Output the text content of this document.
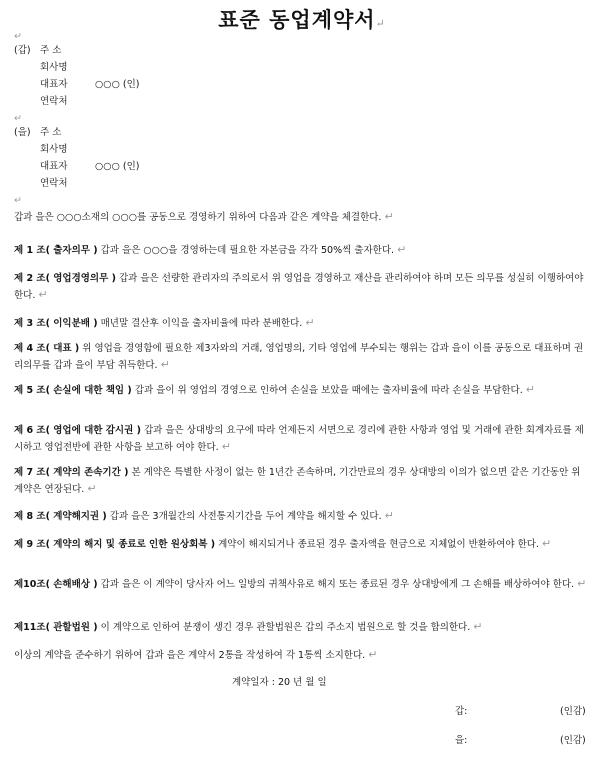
표준 동업계약서↵
↵
↵
↵
(갑) 주 소
회사명
대표자	○○○ (인)
연락처
(을) 주 소
회사명
대표자	○○○ (인)
연락처
갑과 을은 ○○○소재의 ○○○를 공동으로 경영하기 위하여 다음과 같은 계약을 체결한다. ↵
제 1 조( 출자의무 ) 갑과 을은 ○○○을 경영하는데 필요한 자본금을 각각 50%씩 출자한다. ↵
제 2 조( 영업경영의무 ) 갑과 을은 선량한 관리자의 주의로서 위 영업을 경영하고 재산을 관리하여야 하며 모든 의무를 성실히 이행하여야 한다. ↵
제 3 조( 이익분배 ) 매년말 결산후 이익을 출자비율에 따라 분배한다. ↵
제 4 조( 대표 ) 위 영업을 경영함에 필요한 제3자와의 거래, 영업명의, 기타 영업에 부수되는 행위는 갑과 을이 이를 공동으로 대표하며 권리의무를 갑과 을이 부담 취득한다. ↵
제 5 조( 손실에 대한 책임 ) 갑과 을이 위 영업의 경영으로 인하여 손실을 보았을 때에는 출자비율에 따라 손실을 부담한다. ↵
제 6 조( 영업에 대한 감시권 ) 갑과 을은 상대방의 요구에 따라 언제든지 서면으로 경리에 관한 사항과 영업 및 거래에 관한 회계자료를 제시하고 영업전반에 관한 사항을 보고하 여야 한다. ↵
제 7 조( 계약의 존속기간 ) 본 계약은 특별한 사정이 없는 한 1년간 존속하며, 기간만료의 경우 상대방의 이의가 없으면 같은 기간동안 위 계약은 연장된다. ↵
제 8 조( 계약해지권 ) 갑과 을은 3개월간의 사전통지기간을 두어 계약을 해지할 수 있다. ↵
제 9 조( 계약의 해지 및 종료로 인한 원상회복 ) 계약이 해지되거나 종료된 경우 출자액을 현금으로 지체없이 반환하여야 한다. ↵
제10조( 손해배상 ) 갑과 을은 이 계약이 당사자 어느 일방의 귀책사유로 해지 또는 종료된 경우 상대방에게 그 손해를 배상하여야 한다. ↵
제11조( 관할법원 ) 이 계약으로 인하여 분쟁이 생긴 경우 관할법원은 갑의 주소지 법원으로 할 것을 합의한다. ↵
이상의 계약을 준수하기 위하여 갑과 을은 계약서 2통을 작성하여 각 1통씩 소지한다. ↵
계약일자 : 20 년 월 일
갑:	(인감)
을:	(인감)
